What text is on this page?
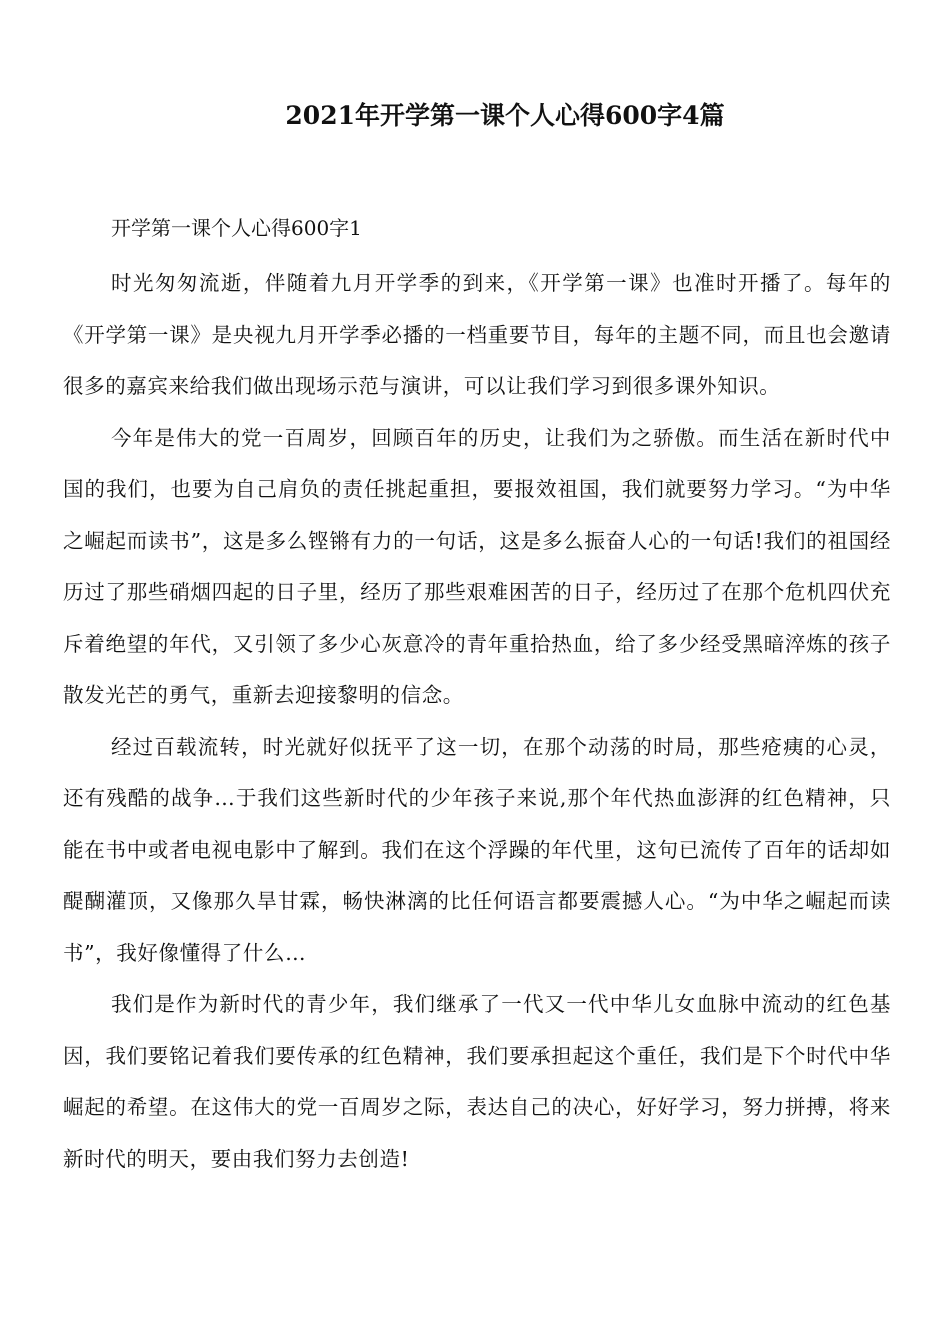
2021年开学第一课个人心得600字4篇

开学第一课个人心得600字1

时光匆匆流逝，伴随着九月开学季的到来，《开学第一课》也准时开播了。每年的《开学第一课》是央视九月开学季必播的一档重要节目，每年的主题不同，而且也会邀请很多的嘉宾来给我们做出现场示范与演讲，可以让我们学习到很多课外知识。

今年是伟大的党一百周岁，回顾百年的历史，让我们为之骄傲。而生活在新时代中国的我们，也要为自己肩负的责任挑起重担，要报效祖国，我们就要努力学习。“为中华之崛起而读书”，这是多么铿锵有力的一句话，这是多么振奋人心的一句话!我们的祖国经历过了那些硝烟四起的日子里，经历了那些艰难困苦的日子，经历过了在那个危机四伏充斥着绝望的年代，又引领了多少心灰意冷的青年重拾热血，给了多少经受黑暗淬炼的孩子散发光芒的勇气，重新去迎接黎明的信念。

经过百载流转，时光就好似抚平了这一切，在那个动荡的时局，那些疮痍的心灵，还有残酷的战争…于我们这些新时代的少年孩子来说,那个年代热血澎湃的红色精神，只能在书中或者电视电影中了解到。我们在这个浮躁的年代里，这句已流传了百年的话却如醍醐灌顶，又像那久旱甘霖，畅快淋漓的比任何语言都要震撼人心。“为中华之崛起而读书”，我好像懂得了什么…

我们是作为新时代的青少年，我们继承了一代又一代中华儿女血脉中流动的红色基因，我们要铭记着我们要传承的红色精神，我们要承担起这个重任，我们是下个时代中华崛起的希望。在这伟大的党一百周岁之际，表达自己的决心，好好学习，努力拼搏，将来新时代的明天，要由我们努力去创造!
